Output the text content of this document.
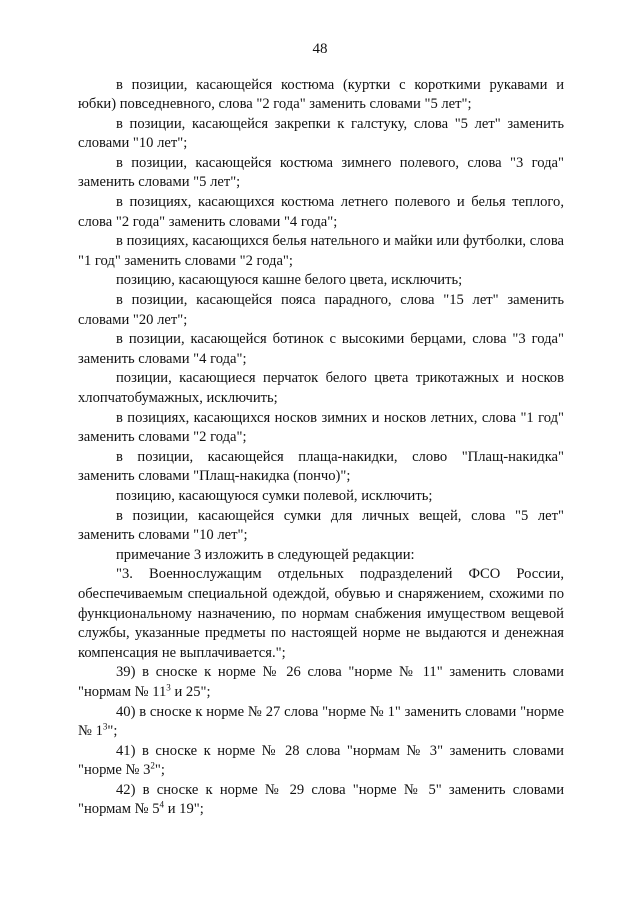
48

в позиции, касающейся костюма (куртки с короткими рукавами и юбки) повседневного, слова "2 года" заменить словами "5 лет";

в позиции, касающейся закрепки к галстуку, слова "5 лет" заменить словами "10 лет";

в позиции, касающейся костюма зимнего полевого, слова "3 года" заменить словами "5 лет";

в позициях, касающихся костюма летнего полевого и белья теплого, слова "2 года" заменить словами "4 года";

в позициях, касающихся белья нательного и майки или футболки, слова "1 год" заменить словами "2 года";

позицию, касающуюся кашне белого цвета, исключить;

в позиции, касающейся пояса парадного, слова "15 лет" заменить словами "20 лет";

в позиции, касающейся ботинок с высокими берцами, слова "3 года" заменить словами "4 года";

позиции, касающиеся перчаток белого цвета трикотажных и носков хлопчатобумажных, исключить;

в позициях, касающихся носков зимних и носков летних, слова "1 год" заменить словами "2 года";

в позиции, касающейся плаща-накидки, слово "Плащ-накидка" заменить словами "Плащ-накидка (пончо)";

позицию, касающуюся сумки полевой, исключить;

в позиции, касающейся сумки для личных вещей, слова "5 лет" заменить словами "10 лет";

примечание 3 изложить в следующей редакции:

"3. Военнослужащим отдельных подразделений ФСО России, обеспечиваемым специальной одеждой, обувью и снаряжением, схожими по функциональному назначению, по нормам снабжения имуществом вещевой службы, указанные предметы по настоящей норме не выдаются и денежная компенсация не выплачивается.";

39) в сноске к норме № 26 слова "норме № 11" заменить словами "нормам № $11^3$ и 25";

40) в сноске к норме № 27 слова "норме № 1" заменить словами "норме № $1^3$";

41) в сноске к норме № 28 слова "нормам № 3" заменить словами "норме № $3^2$";

42) в сноске к норме № 29 слова "норме № 5" заменить словами "нормам № $5^4$ и 19";
